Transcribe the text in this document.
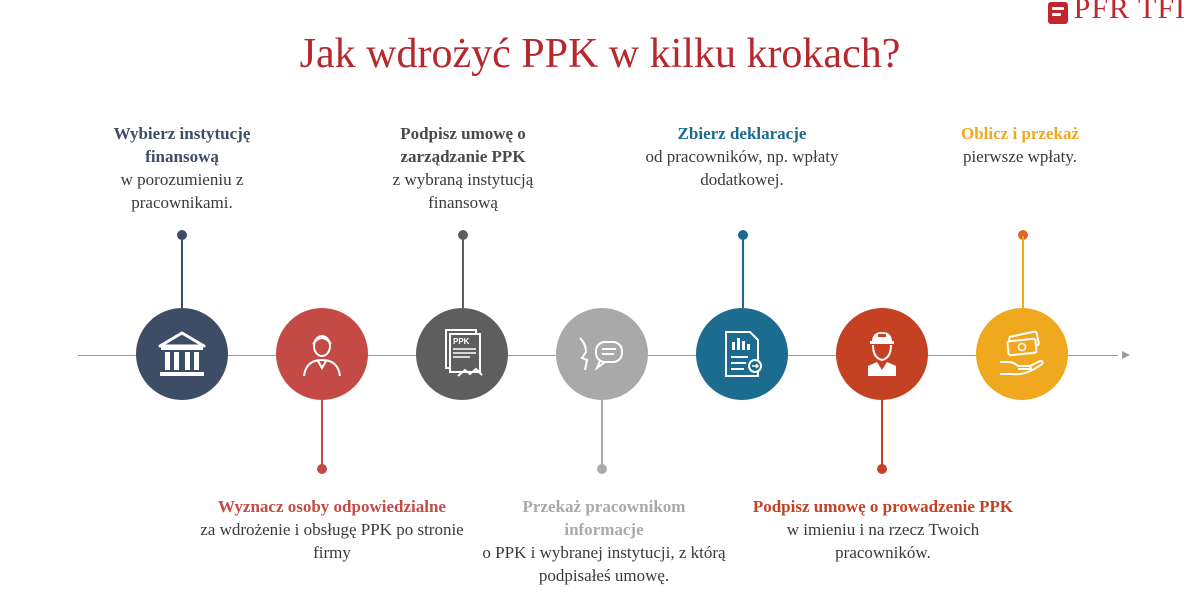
PFR TFI
Jak wdrożyć PPK w kilku krokach?
Wybierz instytucję finansową
w porozumieniu z pracownikami.
Wyznacz osoby odpowiedzialne
za wdrożenie i obsługę PPK po stronie firmy
Podpisz umowę o zarządzanie PPK
z wybraną instytucją finansową
PPK
Przekaż pracownikom informacje
o PPK i wybranej instytucji, z którą podpisałeś umowę.
Zbierz deklaracje
od pracowników, np. wpłaty dodatkowej.
Podpisz umowę o prowadzenie PPK
w imieniu i na rzecz Twoich pracowników.
Oblicz i przekaż
pierwsze wpłaty.
